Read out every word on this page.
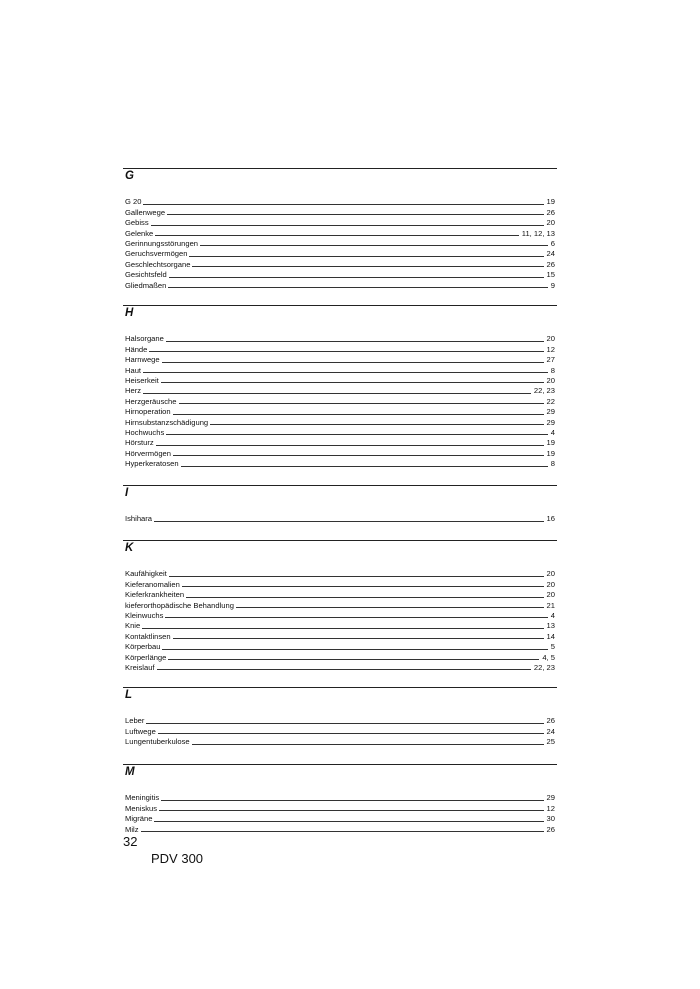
G
G 20	19
Gallenwege	26
Gebiss	20
Gelenke	11, 12, 13
Gerinnungsstörungen	6
Geruchsvermögen	24
Geschlechtsorgane	26
Gesichtsfeld	15
Gliedmaßen	9
H
Halsorgane	20
Hände	12
Harnwege	27
Haut	8
Heiserkeit	20
Herz	22, 23
Herzgeräusche	22
Hirnoperation	29
Hirnsubstanzschädigung	29
Hochwuchs	4
Hörsturz	19
Hörvermögen	19
Hyperkeratosen	8
I
Ishihara	16
K
Kaufähigkeit	20
Kieferanomalien	20
Kieferkrankheiten	20
kieferorthopädische Behandlung	21
Kleinwuchs	4
Knie	13
Kontaktlinsen	14
Körperbau	5
Körperlänge	4, 5
Kreislauf	22, 23
L
Leber	26
Luftwege	24
Lungentuberkulose	25
M
Meningitis	29
Meniskus	12
Migräne	30
Milz	26
32
PDV 300
